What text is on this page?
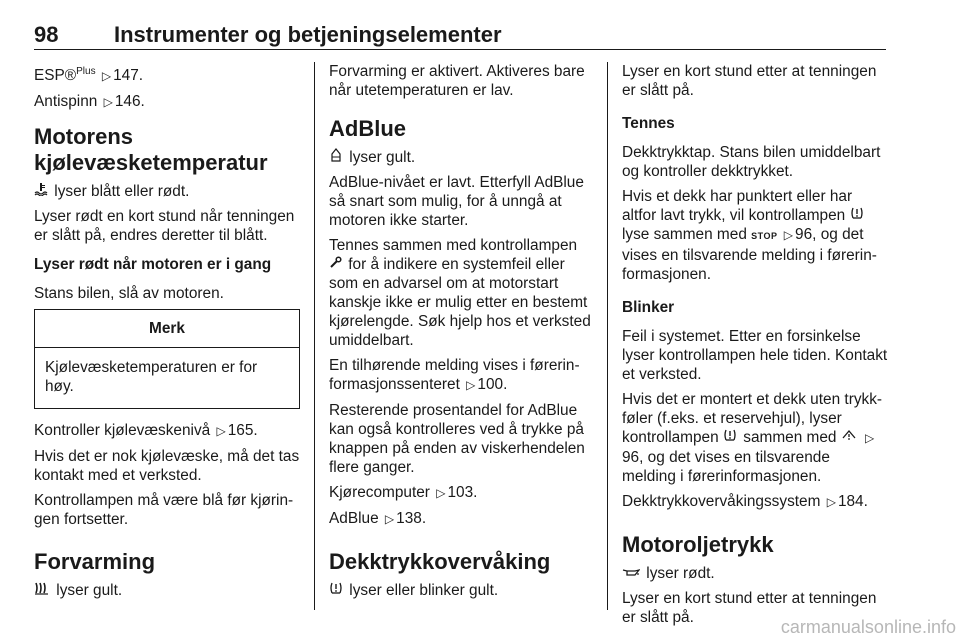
98	Instrumenter og betjeningselementer

ESP®$^{Plus}$ ▷ 147.

Antispinn ▷ 146.

Motorens kjølevæsketemperatur

lyser blått eller rødt.

Lyser rødt en kort stund når tenningen er slått på, endres deretter til blått.

Lyser rødt når motoren er i gang

Stans bilen, slå av motoren.

Merk
Kjølevæsketemperaturen er for høy.

Kontroller kjølevæskenivå ▷ 165.

Hvis det er nok kjølevæske, må det tas kontakt med et verksted.

Kontrollampen må være blå før kjøringen fortsetter.

Forvarming

lyser gult.

Forvarming er aktivert. Aktiveres bare når utetemperaturen er lav.

AdBlue

lyser gult.

AdBlue-nivået er lavt. Etterfyll AdBlue så snart som mulig, for å unngå at motoren ikke starter.

Tennes sammen med kontrollampen  for å indikere en systemfeil eller som en advarsel om at motorstart kanskje ikke er mulig etter en bestemt kjørelengde. Søk hjelp hos et verksted umiddelbart.

En tilhørende melding vises i førerinformasjonssenteret ▷ 100.

Resterende prosentandel for AdBlue kan også kontrolleres ved å trykke på knappen på enden av viskerhendelen flere ganger.

Kjørecomputer ▷ 103.

AdBlue ▷ 138.

Dekktrykkovervåking

lyser eller blinker gult.

Lyser en kort stund etter at tenningen er slått på.

Tennes

Dekktrykktap. Stans bilen umiddelbart og kontroller dekktrykket.

Hvis et dekk har punktert eller har altfor lavt trykk, vil kontrollampen  lyse sammen med STOP ▷ 96, og det vises en tilsvarende melding i førerinformasjonen.

Blinker

Feil i systemet. Etter en forsinkelse lyser kontrollampen hele tiden. Kontakt et verksted.

Hvis det er montert et dekk uten trykkføler (f.eks. et reservehjul), lyser kontrollampen sammen med ▷96, og det vises en tilsvarende melding i førerinformasjonen.

Dekktrykkovervåkingssystem ▷ 184.

Motoroljetrykk

lyser rødt.

Lyser en kort stund etter at tenningen er slått på.	carmanualsonline.info
